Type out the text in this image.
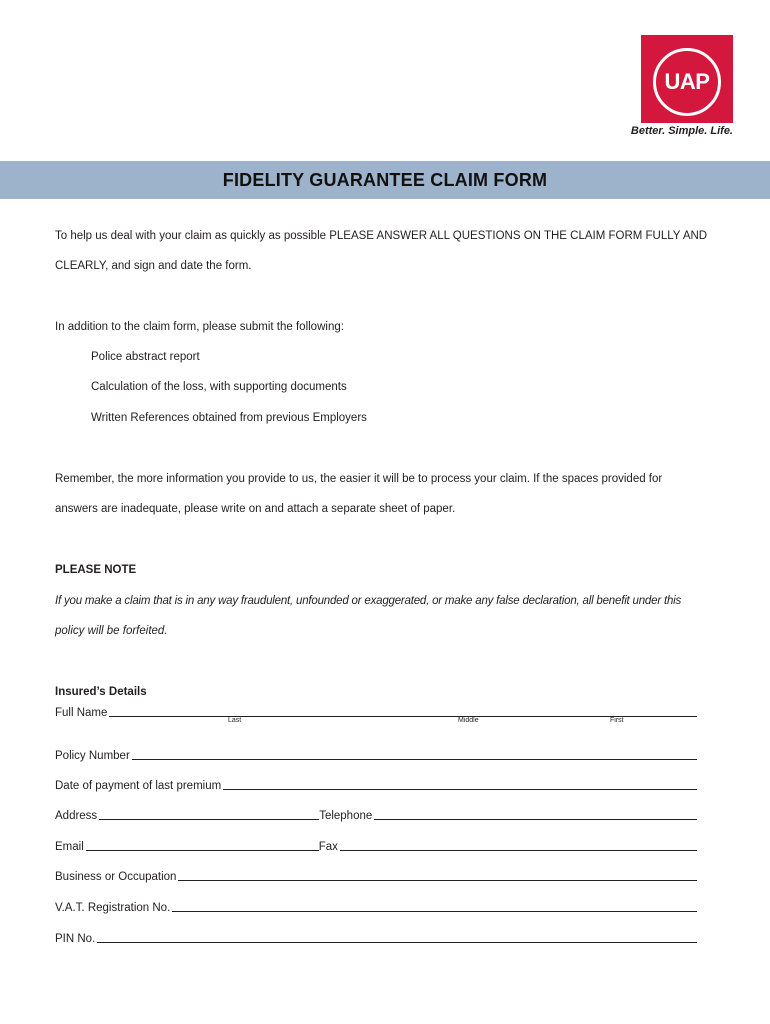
UAP
Better. Simple. Life.
FIDELITY GUARANTEE CLAIM FORM
To help us deal with your claim as quickly as possible PLEASE ANSWER ALL QUESTIONS ON THE CLAIM FORM FULLY AND
CLEARLY, and sign and date the form.
In addition to the claim form, please submit the following:
Police abstract report
Calculation of the loss, with supporting documents
Written References obtained from previous Employers
Remember, the more information you provide to us, the easier it will be to process your claim. If the spaces provided for
answers are inadequate, please write on and attach a separate sheet of paper.
PLEASE NOTE
If you make a claim that is in any way fraudulent, unfounded or exaggerated, or make any false declaration, all benefit under this
policy will be forfeited.
Insured’s Details
Full Name
Last	Middle	First
Policy Number
Date of payment of last premium
Address	Telephone
Email	Fax
Business or Occupation
V.A.T. Registration No.
PIN No.
